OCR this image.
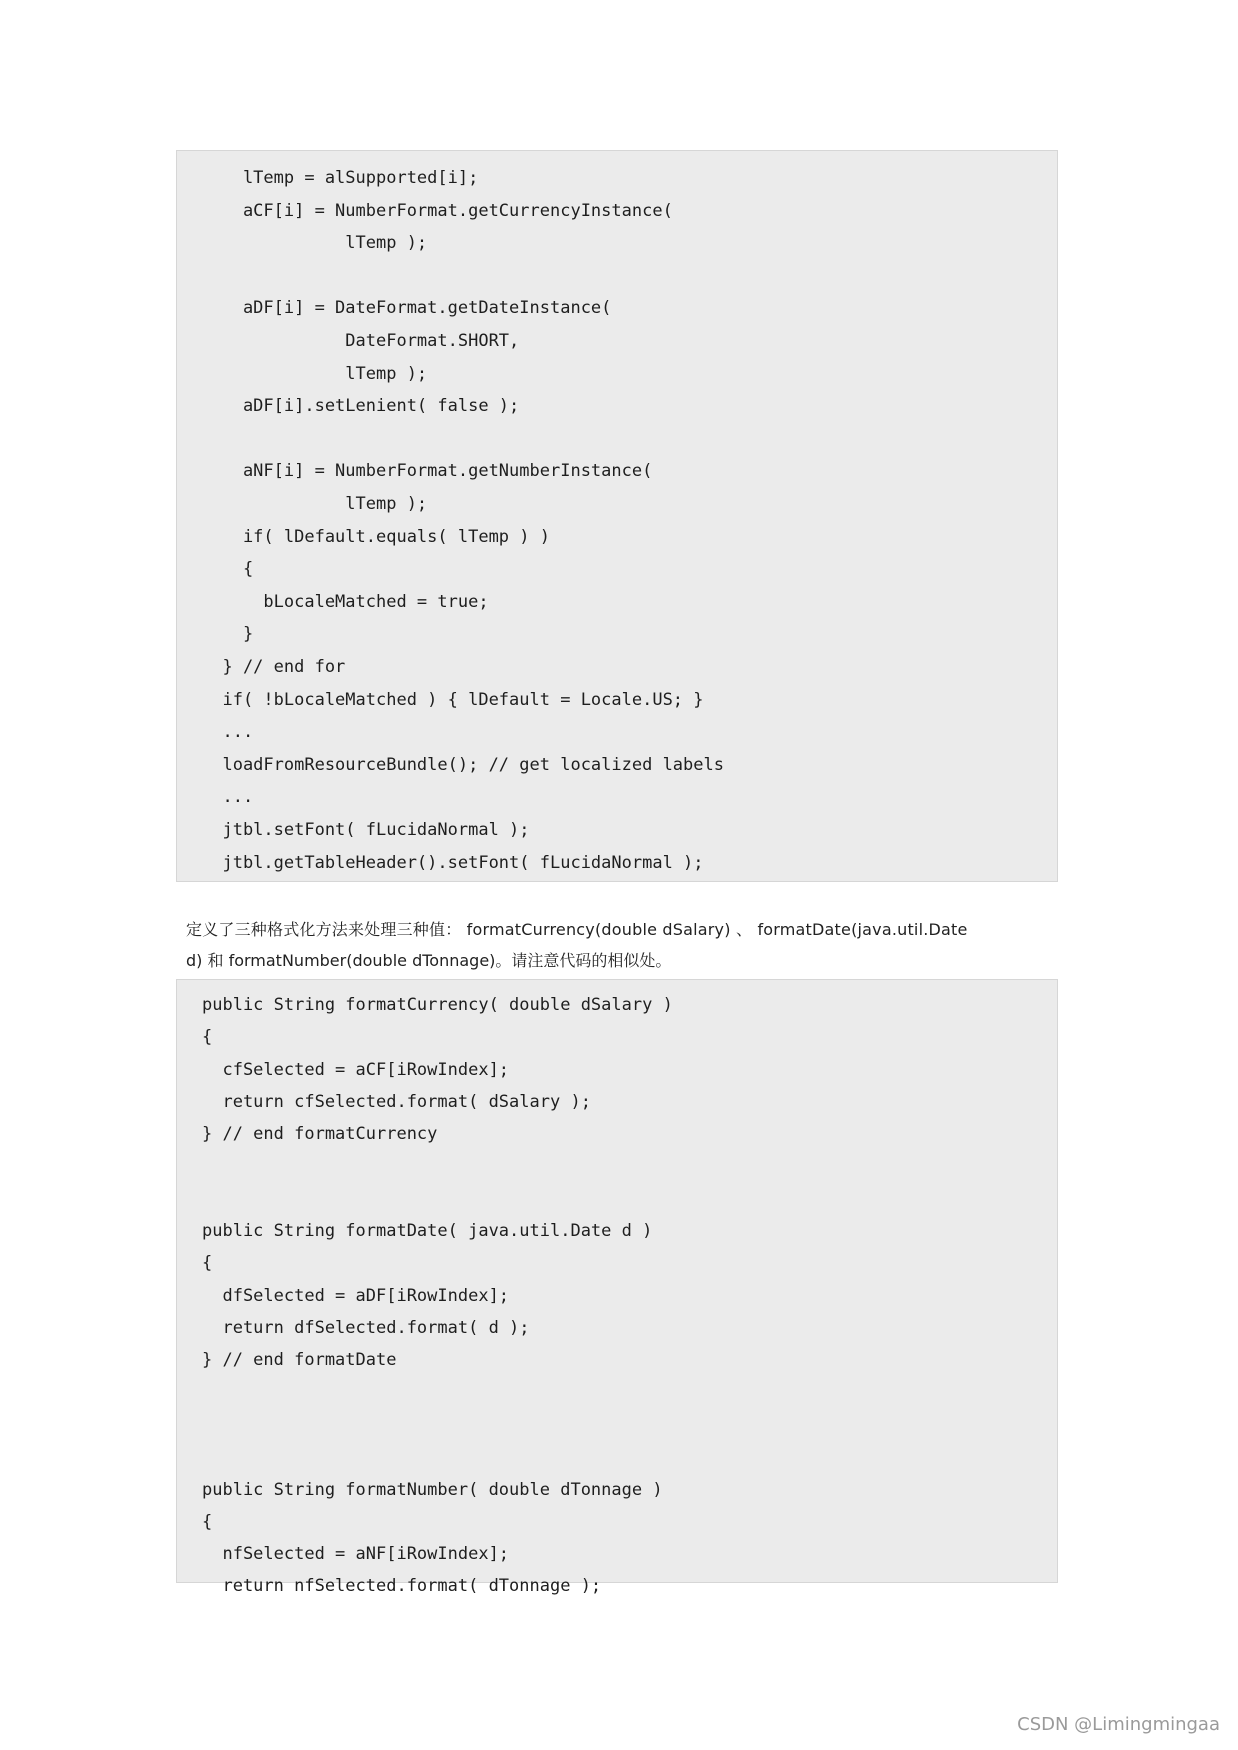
lTemp = alSupported[i];
aCF[i] = NumberFormat.getCurrencyInstance(
lTemp );
aDF[i] = DateFormat.getDateInstance(
DateFormat.SHORT,
lTemp );
aDF[i].setLenient( false );
aNF[i] = NumberFormat.getNumberInstance(
lTemp );
if( lDefault.equals( lTemp ) )
{
bLocaleMatched = true;
}
} // end for
if( !bLocaleMatched ) { lDefault = Locale.US; }
...
loadFromResourceBundle(); // get localized labels
...
jtbl.setFont( fLucidaNormal );
jtbl.getTableHeader().setFont( fLucidaNormal );
定义了三种格式化方法来处理三种值： formatCurrency(double dSalary) 、 formatDate(java.util.Date
d) 和 formatNumber(double dTonnage)。请注意代码的相似处。
public String formatCurrency( double dSalary )
{
cfSelected = aCF[iRowIndex];
return cfSelected.format( dSalary );
} // end formatCurrency
public String formatDate( java.util.Date d )
{
dfSelected = aDF[iRowIndex];
return dfSelected.format( d );
} // end formatDate
public String formatNumber( double dTonnage )
{
nfSelected = aNF[iRowIndex];
return nfSelected.format( dTonnage );
CSDN @Limingmingaa
